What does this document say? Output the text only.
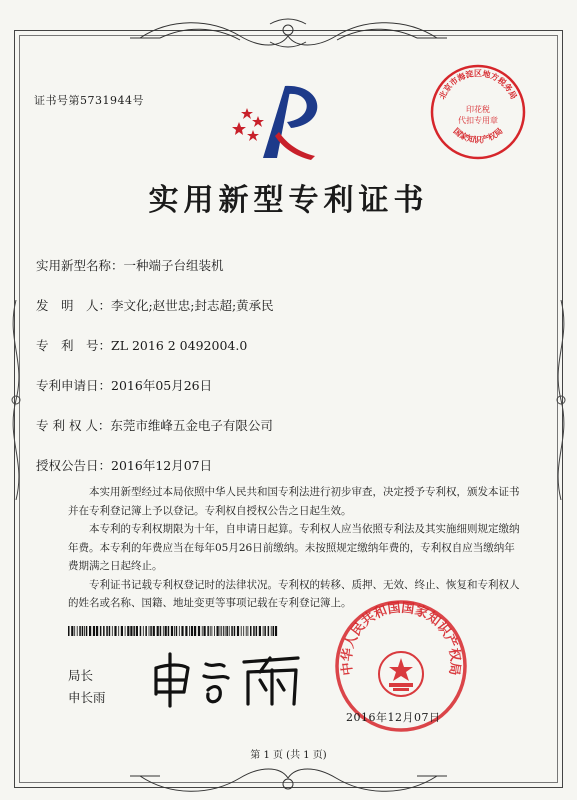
证书号第5731944号	北京市海淀区地方税务局
国家知识产权局
印花税
代扣专用章
实用新型专利证书
实用新型名称：一种端子台组装机
发　明　人：李文化;赵世忠;封志超;黄承民
专　利　号：ZL 2016 2 0492004.0
专利申请日：2016年05月26日
专 利 权 人：东莞市维峰五金电子有限公司
授权公告日：2016年12月07日

本实用新型经过本局依照中华人民共和国专利法进行初步审查，决定授予专利权，颁发本证书并在专利登记簿上予以登记。专利权自授权公告之日起生效。

本专利的专利权期限为十年，自申请日起算。专利权人应当依照专利法及其实施细则规定缴纳年费。本专利的年费应当在每年05月26日前缴纳。未按照规定缴纳年费的，专利权自应当缴纳年费期满之日起终止。

专利证书记载专利权登记时的法律状况。专利权的转移、质押、无效、终止、恢复和专利权人的姓名或名称、国籍、地址变更等事项记载在专利登记簿上。

局长
申长雨
中华人民共和国国家知识产权局
2016年12月07日
第 1 页 (共 1 页)
